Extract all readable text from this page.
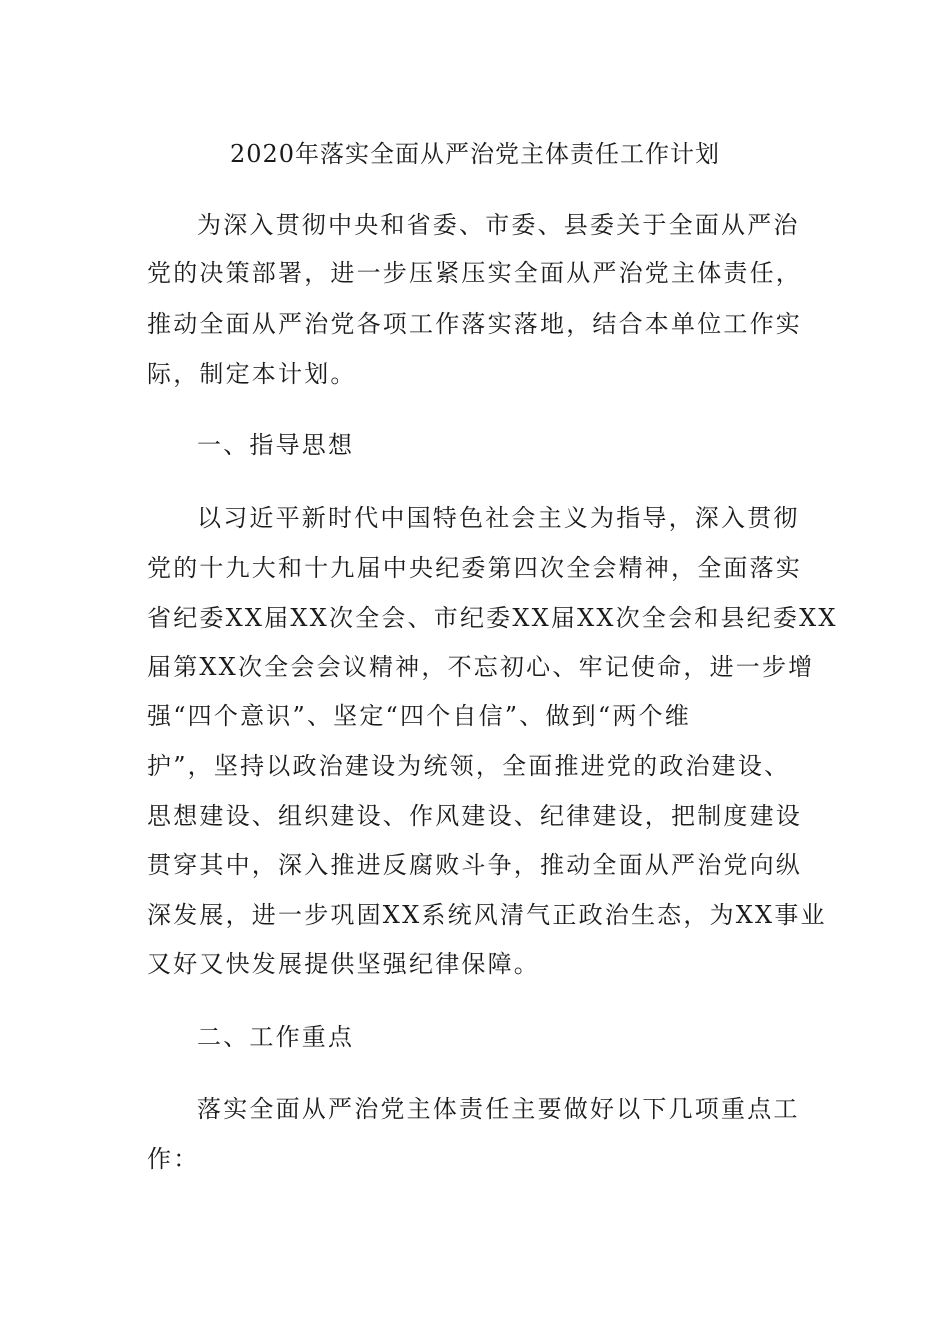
2020年落实全面从严治党主体责任工作计划

为深入贯彻中央和省委、市委、县委关于全面从严治

党的决策部署，进一步压紧压实全面从严治党主体责任，

推动全面从严治党各项工作落实落地，结合本单位工作实

际，制定本计划。

一、指导思想

以习近平新时代中国特色社会主义为指导，深入贯彻

党的十九大和十九届中央纪委第四次全会精神，全面落实

省纪委XX届XX次全会、市纪委XX届XX次全会和县纪委XX

届第XX次全会会议精神，不忘初心、牢记使命，进一步增

强“四个意识”、坚定“四个自信”、做到“两个维

护”，坚持以政治建设为统领，全面推进党的政治建设、

思想建设、组织建设、作风建设、纪律建设，把制度建设

贯穿其中，深入推进反腐败斗争，推动全面从严治党向纵

深发展，进一步巩固XX系统风清气正政治生态，为XX事业

又好又快发展提供坚强纪律保障。

二、工作重点

落实全面从严治党主体责任主要做好以下几项重点工

作：
